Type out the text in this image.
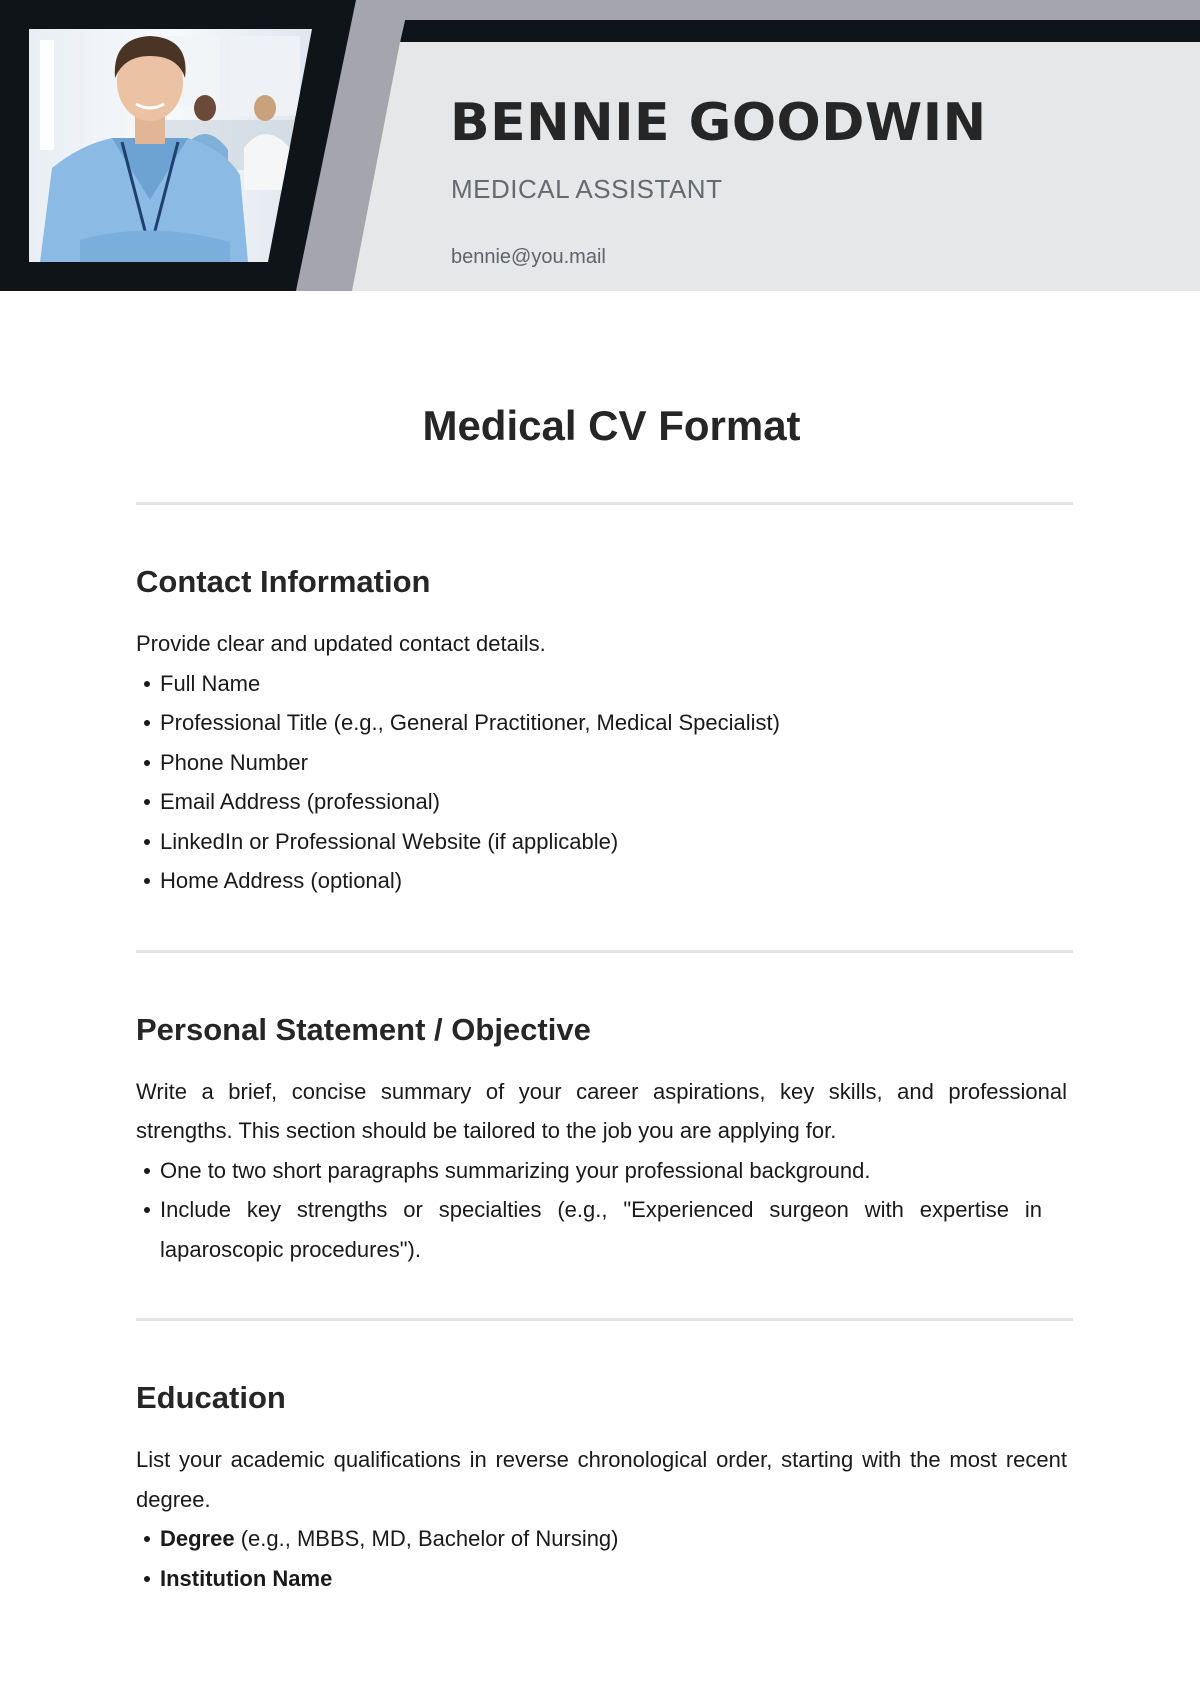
BENNIE GOODWIN

MEDICAL ASSISTANT

bennie@you.mail

Medical CV Format
Contact Information

Provide clear and updated contact details.

Full Name
Professional Title (e.g., General Practitioner, Medical Specialist)
Phone Number
Email Address (professional)
LinkedIn or Professional Website (if applicable)
Home Address (optional)
Personal Statement / Objective

Write a brief, concise summary of your career aspirations, key skills, and professional strengths. This section should be tailored to the job you are applying for.

One to two short paragraphs summarizing your professional background.
Include key strengths or specialties (e.g., "Experienced surgeon with expertise in laparoscopic procedures").
Education

List your academic qualifications in reverse chronological order, starting with the most recent degree.

Degree (e.g., MBBS, MD, Bachelor of Nursing)
Institution Name
